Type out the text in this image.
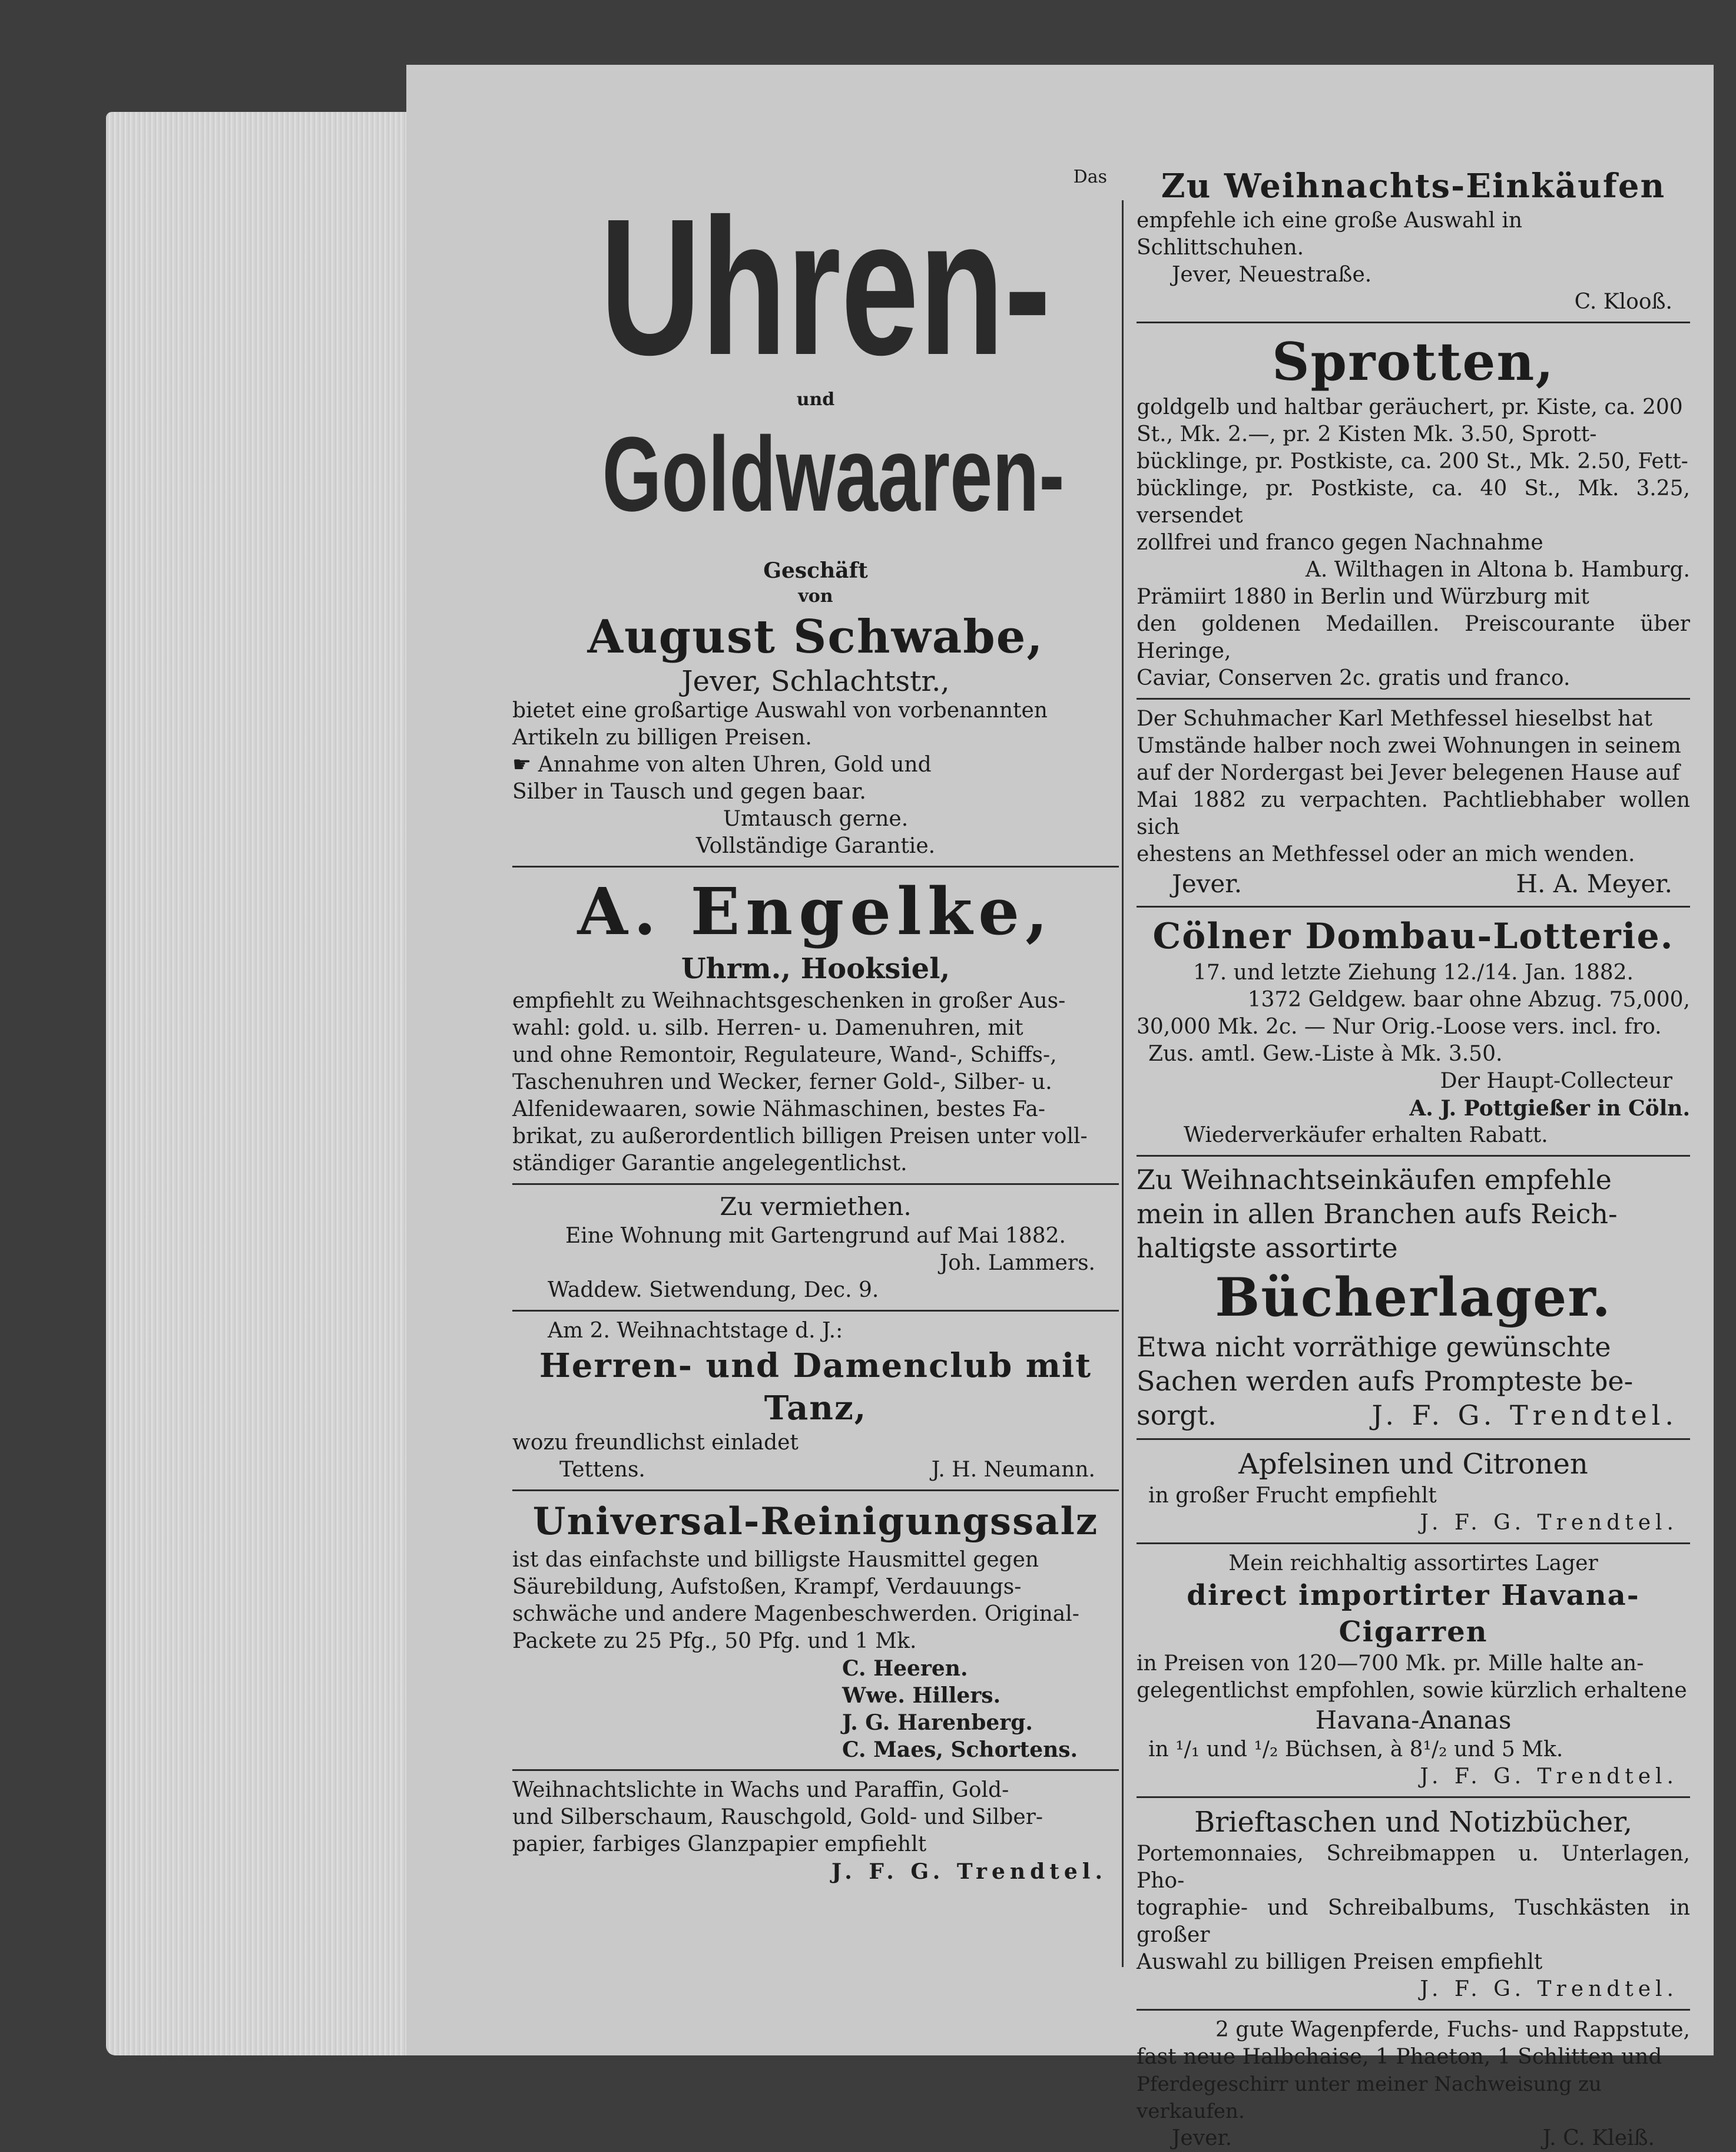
Das
Uhren-
und
Goldwaaren-
Geschäft
von
August Schwabe,
Jever, Schlachtstr.,
bietet eine großartige Auswahl von vorbenannten
Artikeln zu billigen Preisen.
☛ Annahme von alten Uhren, Gold und
Silber in Tausch und gegen baar.
Umtausch gerne.
Vollständige Garantie.
A. Engelke,
Uhrm., Hooksiel,
empfiehlt zu Weihnachtsgeschenken in großer Aus-
wahl: gold. u. silb. Herren- u. Damenuhren, mit
und ohne Remontoir, Regulateure, Wand-, Schiffs-,
Taschenuhren und Wecker, ferner Gold-, Silber- u.
Alfenidewaaren, sowie Nähmaschinen, bestes Fa-
brikat, zu außerordentlich billigen Preisen unter voll-
ständiger Garantie angelegentlichst.
Zu vermiethen.
Eine Wohnung mit Gartengrund auf Mai 1882.
Joh. Lammers.
Waddew. Sietwendung, Dec. 9.
Am 2. Weihnachtstage d. J.:
Herren- und Damenclub mit Tanz,
wozu freundlichst einladet
Tettens.	J. H. Neumann.
Universal-Reinigungssalz
ist das einfachste und billigste Hausmittel gegen
Säurebildung, Aufstoßen, Krampf, Verdauungs-
schwäche und andere Magenbeschwerden. Original-
Packete zu 25 Pfg., 50 Pfg. und 1 Mk.
C. Heeren.
Wwe. Hillers.
J. G. Harenberg.
C. Maes, Schortens.
Weihnachtslichte in Wachs und Paraffin, Gold-
und Silberschaum, Rauschgold, Gold- und Silber-
papier, farbiges Glanzpapier empfiehlt
J. F. G. Trendtel.
Zu Weihnachts-Einkäufen
empfehle ich eine große Auswahl in Schlittschuhen.
Jever, Neuestraße.
C. Klooß.
Sprotten,
goldgelb und haltbar geräuchert, pr. Kiste, ca. 200
St., Mk. 2.—, pr. 2 Kisten Mk. 3.50, Sprott-
bücklinge, pr. Postkiste, ca. 200 St., Mk. 2.50, Fett-
bücklinge, pr. Postkiste, ca. 40 St., Mk. 3.25, versendet
zollfrei und franco gegen Nachnahme
A. Wilthagen in Altona b. Hamburg.
Prämiirt 1880 in Berlin und Würzburg mit
den goldenen Medaillen. Preiscourante über Heringe,
Caviar, Conserven 2c. gratis und franco.
Der Schuhmacher Karl Methfessel hieselbst hat
Umstände halber noch zwei Wohnungen in seinem
auf der Nordergast bei Jever belegenen Hause auf
Mai 1882 zu verpachten. Pachtliebhaber wollen sich
ehestens an Methfessel oder an mich wenden.
Jever.	H. A. Meyer.
Cölner Dombau-Lotterie.
17. und letzte Ziehung 12./14. Jan. 1882.
1372 Geldgew. baar ohne Abzug. 75,000,
30,000 Mk. 2c. — Nur Orig.-Loose vers. incl. fro.
Zus. amtl. Gew.-Liste à Mk. 3.50.
Der Haupt-Collecteur
A. J. Pottgießer in Cöln.
Wiederverkäufer erhalten Rabatt.
Zu Weihnachtseinkäufen empfehle
mein in allen Branchen aufs Reich-
haltigste assortirte
Bücherlager.
Etwa nicht vorräthige gewünschte
Sachen werden aufs Prompteste be-
sorgt.	J. F. G. Trendtel.
Apfelsinen und Citronen
in großer Frucht empfiehlt
J. F. G. Trendtel.
Mein reichhaltig assortirtes Lager
direct importirter Havana-Cigarren
in Preisen von 120—700 Mk. pr. Mille halte an-
gelegentlichst empfohlen, sowie kürzlich erhaltene
Havana-Ananas
in ¹/₁ und ¹/₂ Büchsen, à 8¹/₂ und 5 Mk.
J. F. G. Trendtel.
Brieftaschen und Notizbücher,
Portemonnaies, Schreibmappen u. Unterlagen, Pho-
tographie- und Schreibalbums, Tuschkästen in großer
Auswahl zu billigen Preisen empfiehlt
J. F. G. Trendtel.
2 gute Wagenpferde, Fuchs- und Rappstute,
fast neue Halbchaise, 1 Phaeton, 1 Schlitten und
Pferdegeschirr unter meiner Nachweisung zu verkaufen.
Jever.	J. C. Kleiß.
